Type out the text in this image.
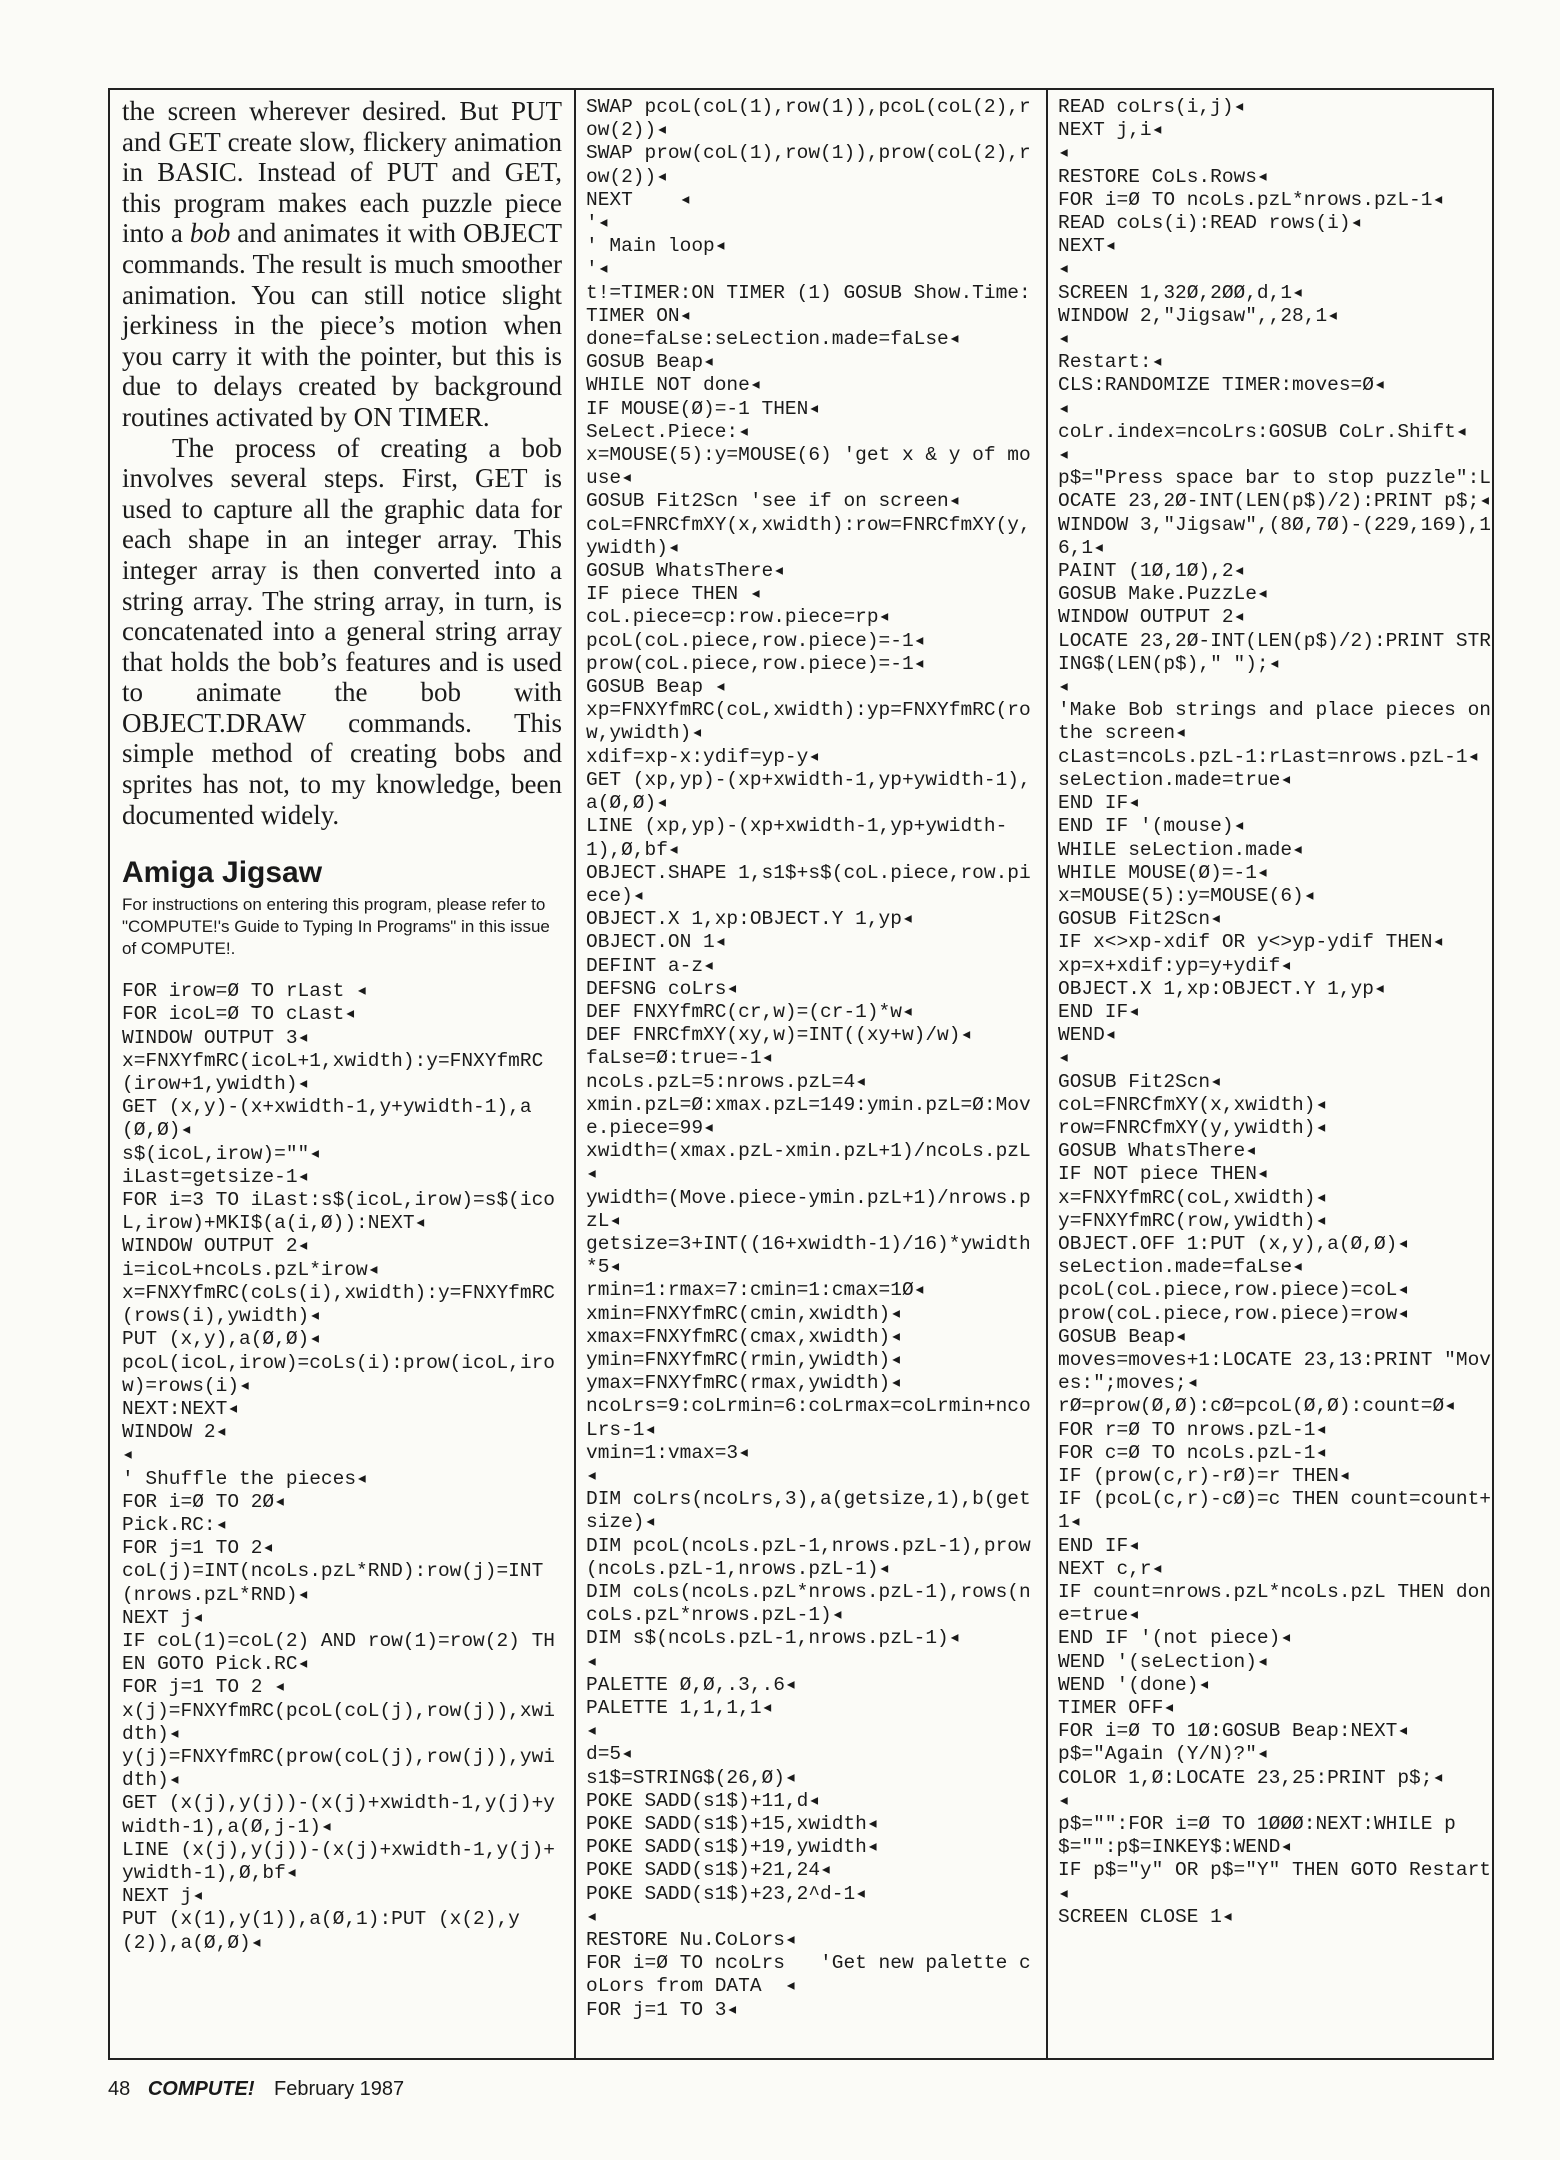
the screen wherever desired. But PUT and GET create slow, flickery animation in BASIC. Instead of PUT and GET, this program makes each puzzle piece into a bob and animates it with OBJECT commands. The result is much smoother animation. You can still notice slight jerkiness in the piece’s motion when you carry it with the pointer, but this is due to delays created by background routines activated by ON TIMER.

The process of creating a bob involves several steps. First, GET is used to capture all the graphic data for each shape in an integer array. This integer array is then converted into a string array. The string array, in turn, is concatenated into a general string array that holds the bob’s features and is used to animate the bob with OBJECT.DRAW commands. This simple method of creating bobs and sprites has not, to my knowledge, been documented widely.

Amiga Jigsaw

For instructions on entering this program, please refer to "COMPUTE!'s Guide to Typing In Programs" in this issue of COMPUTE!.

FOR irow=Ø TO rLast ◂
FOR icoL=Ø TO cLast◂
WINDOW OUTPUT 3◂
x=FNXYfmRC(icoL+1,xwidth):y=FNXYfmRC(irow+1,ywidth)◂
GET (x,y)-(x+xwidth-1,y+ywidth-1),a(Ø,Ø)◂
s$(icoL,irow)=""◂
iLast=getsize-1◂
FOR i=3 TO iLast:s$(icoL,irow)=s$(icoL,irow)+MKI$(a(i,Ø)):NEXT◂
WINDOW OUTPUT 2◂
i=icoL+ncoLs.pzL*irow◂
x=FNXYfmRC(coLs(i),xwidth):y=FNXYfmRC(rows(i),ywidth)◂
PUT (x,y),a(Ø,Ø)◂
pcoL(icoL,irow)=coLs(i):prow(icoL,irow)=rows(i)◂
NEXT:NEXT◂
WINDOW 2◂
◂
' Shuffle the pieces◂
FOR i=Ø TO 2Ø◂
Pick.RC:◂
FOR j=1 TO 2◂
coL(j)=INT(ncoLs.pzL*RND):row(j)=INT(nrows.pzL*RND)◂
NEXT j◂
IF coL(1)=coL(2) AND row(1)=row(2) THEN GOTO Pick.RC◂
FOR j=1 TO 2 ◂
x(j)=FNXYfmRC(pcoL(coL(j),row(j)),xwidth)◂
y(j)=FNXYfmRC(prow(coL(j),row(j)),ywidth)◂
GET (x(j),y(j))-(x(j)+xwidth-1,y(j)+ywidth-1),a(Ø,j-1)◂
LINE (x(j),y(j))-(x(j)+xwidth-1,y(j)+ywidth-1),Ø,bf◂
NEXT j◂
PUT (x(1),y(1)),a(Ø,1):PUT (x(2),y(2)),a(Ø,Ø)◂
SWAP pcoL(coL(1),row(1)),pcoL(coL(2),row(2))◂
SWAP prow(coL(1),row(1)),prow(coL(2),row(2))◂
NEXT    ◂
'◂
' Main loop◂
'◂
t!=TIMER:ON TIMER (1) GOSUB Show.Time:TIMER ON◂
done=faLse:seLection.made=faLse◂
GOSUB Beap◂
WHILE NOT done◂
IF MOUSE(Ø)=-1 THEN◂
SeLect.Piece:◂
x=MOUSE(5):y=MOUSE(6) 'get x & y of mouse◂
GOSUB Fit2Scn 'see if on screen◂
coL=FNRCfmXY(x,xwidth):row=FNRCfmXY(y,ywidth)◂
GOSUB WhatsThere◂
IF piece THEN ◂
coL.piece=cp:row.piece=rp◂
pcoL(coL.piece,row.piece)=-1◂
prow(coL.piece,row.piece)=-1◂
GOSUB Beap ◂
xp=FNXYfmRC(coL,xwidth):yp=FNXYfmRC(row,ywidth)◂
xdif=xp-x:ydif=yp-y◂
GET (xp,yp)-(xp+xwidth-1,yp+ywidth-1),a(Ø,Ø)◂
LINE (xp,yp)-(xp+xwidth-1,yp+ywidth-1),Ø,bf◂
OBJECT.SHAPE 1,s1$+s$(coL.piece,row.piece)◂
OBJECT.X 1,xp:OBJECT.Y 1,yp◂
OBJECT.ON 1◂
DEFINT a-z◂
DEFSNG coLrs◂
DEF FNXYfmRC(cr,w)=(cr-1)*w◂
DEF FNRCfmXY(xy,w)=INT((xy+w)/w)◂
faLse=Ø:true=-1◂
ncoLs.pzL=5:nrows.pzL=4◂
xmin.pzL=Ø:xmax.pzL=149:ymin.pzL=Ø:Move.piece=99◂
xwidth=(xmax.pzL-xmin.pzL+1)/ncoLs.pzL◂
ywidth=(Move.piece-ymin.pzL+1)/nrows.pzL◂
getsize=3+INT((16+xwidth-1)/16)*ywidth*5◂
rmin=1:rmax=7:cmin=1:cmax=1Ø◂
xmin=FNXYfmRC(cmin,xwidth)◂
xmax=FNXYfmRC(cmax,xwidth)◂
ymin=FNXYfmRC(rmin,ywidth)◂
ymax=FNXYfmRC(rmax,ywidth)◂
ncoLrs=9:coLrmin=6:coLrmax=coLrmin+ncoLrs-1◂
vmin=1:vmax=3◂
◂
DIM coLrs(ncoLrs,3),a(getsize,1),b(getsize)◂
DIM pcoL(ncoLs.pzL-1,nrows.pzL-1),prow(ncoLs.pzL-1,nrows.pzL-1)◂
DIM coLs(ncoLs.pzL*nrows.pzL-1),rows(ncoLs.pzL*nrows.pzL-1)◂
DIM s$(ncoLs.pzL-1,nrows.pzL-1)◂
◂
PALETTE Ø,Ø,.3,.6◂
PALETTE 1,1,1,1◂
◂
d=5◂
s1$=STRING$(26,Ø)◂
POKE SADD(s1$)+11,d◂
POKE SADD(s1$)+15,xwidth◂
POKE SADD(s1$)+19,ywidth◂
POKE SADD(s1$)+21,24◂
POKE SADD(s1$)+23,2^d-1◂
◂
RESTORE Nu.CoLors◂
FOR i=Ø TO ncoLrs   'Get new palette coLors from DATA  ◂
FOR j=1 TO 3◂
READ coLrs(i,j)◂
NEXT j,i◂
◂
RESTORE CoLs.Rows◂
FOR i=Ø TO ncoLs.pzL*nrows.pzL-1◂
READ coLs(i):READ rows(i)◂
NEXT◂
◂
SCREEN 1,32Ø,2ØØ,d,1◂
WINDOW 2,"Jigsaw",,28,1◂
◂
Restart:◂
CLS:RANDOMIZE TIMER:moves=Ø◂
◂
coLr.index=ncoLrs:GOSUB CoLr.Shift◂
◂
p$="Press space bar to stop puzzle":LOCATE 23,2Ø-INT(LEN(p$)/2):PRINT p$;◂
WINDOW 3,"Jigsaw",(8Ø,7Ø)-(229,169),16,1◂
PAINT (1Ø,1Ø),2◂
GOSUB Make.PuzzLe◂
WINDOW OUTPUT 2◂
LOCATE 23,2Ø-INT(LEN(p$)/2):PRINT STRING$(LEN(p$)," ");◂
◂
'Make Bob strings and place pieces on the screen◂
cLast=ncoLs.pzL-1:rLast=nrows.pzL-1◂
seLection.made=true◂
END IF◂
END IF '(mouse)◂
WHILE seLection.made◂
WHILE MOUSE(Ø)=-1◂
x=MOUSE(5):y=MOUSE(6)◂
GOSUB Fit2Scn◂
IF x<>xp-xdif OR y<>yp-ydif THEN◂
xp=x+xdif:yp=y+ydif◂
OBJECT.X 1,xp:OBJECT.Y 1,yp◂
END IF◂
WEND◂
◂
GOSUB Fit2Scn◂
coL=FNRCfmXY(x,xwidth)◂
row=FNRCfmXY(y,ywidth)◂
GOSUB WhatsThere◂
IF NOT piece THEN◂
x=FNXYfmRC(coL,xwidth)◂
y=FNXYfmRC(row,ywidth)◂
OBJECT.OFF 1:PUT (x,y),a(Ø,Ø)◂
seLection.made=faLse◂
pcoL(coL.piece,row.piece)=coL◂
prow(coL.piece,row.piece)=row◂
GOSUB Beap◂
moves=moves+1:LOCATE 23,13:PRINT "Moves:";moves;◂
rØ=prow(Ø,Ø):cØ=pcoL(Ø,Ø):count=Ø◂
FOR r=Ø TO nrows.pzL-1◂
FOR c=Ø TO ncoLs.pzL-1◂
IF (prow(c,r)-rØ)=r THEN◂
IF (pcoL(c,r)-cØ)=c THEN count=count+1◂
END IF◂
NEXT c,r◂
IF count=nrows.pzL*ncoLs.pzL THEN done=true◂
END IF '(not piece)◂
WEND '(seLection)◂
WEND '(done)◂
TIMER OFF◂
FOR i=Ø TO 1Ø:GOSUB Beap:NEXT◂
p$="Again (Y/N)?"◂
COLOR 1,Ø:LOCATE 23,25:PRINT p$;◂
◂
p$="":FOR i=Ø TO 1ØØØ:NEXT:WHILE p$="":p$=INKEY$:WEND◂
IF p$="y" OR p$="Y" THEN GOTO Restart◂
SCREEN CLOSE 1◂
48 COMPUTE! February 1987
